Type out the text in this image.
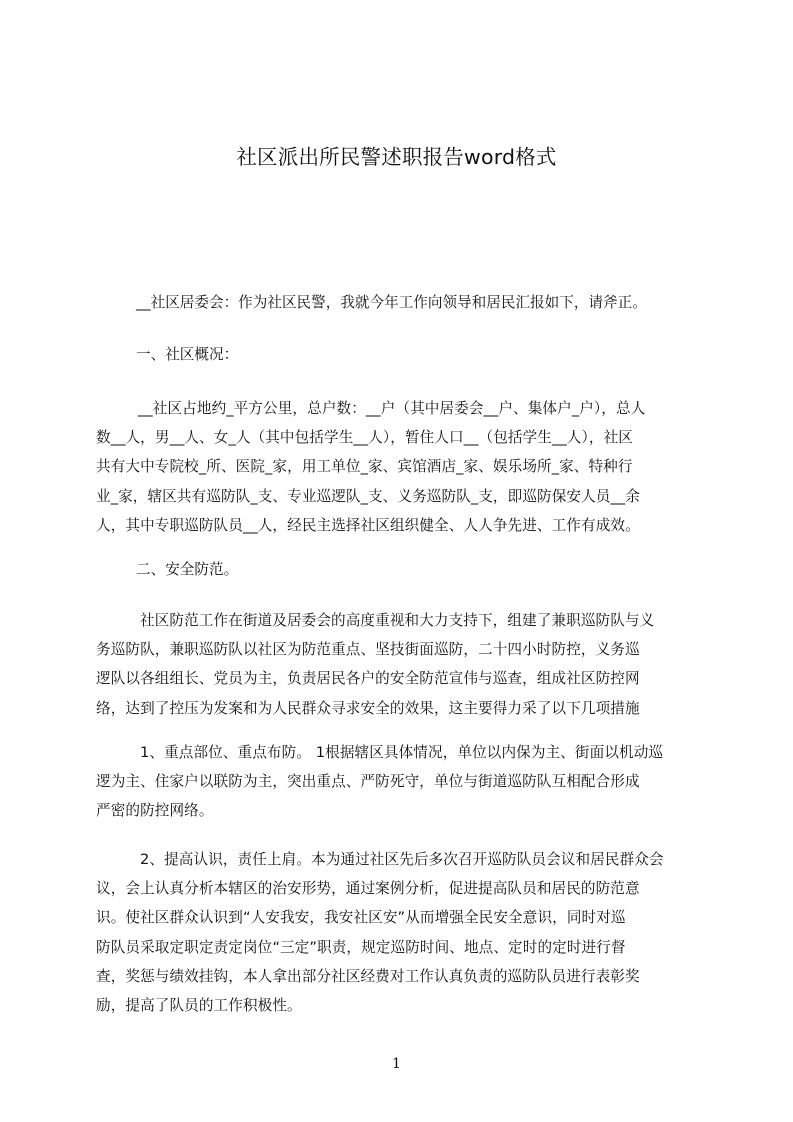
社区派出所民警述职报告word格式

__社区居委会：作为社区民警，我就今年工作向领导和居民汇报如下，请斧正。

一、社区概况：

__社区占地约_平方公里，总户数：__户（其中居委会__户、集体户_户），总人
数__人，男__人、女_人（其中包括学生__人），暂住人口__（包括学生__人），社区
共有大中专院校_所、医院_家，用工单位_家、宾馆酒店_家、娱乐场所_家、特种行
业_家，辖区共有巡防队_支、专业巡逻队_支、义务巡防队_支，即巡防保安人员__余
人，其中专职巡防队员__人，经民主选择社区组织健全、人人争先进、工作有成效。

二、安全防范。

社区防范工作在街道及居委会的高度重视和大力支持下，组建了兼职巡防队与义
务巡防队，兼职巡防队以社区为防范重点、坚技街面巡防，二十四小时防控，义务巡
逻队以各组组长、党员为主，负责居民各户的安全防范宣伟与巡查，组成社区防控网
络，达到了控压为发案和为人民群众寻求安全的效果，这主要得力采了以下几项措施
1、重点部位、重点布防。 1根据辖区具体情况，单位以内保为主、街面以机动巡
逻为主、住家户以联防为主，突出重点、严防死守，单位与街道巡防队互相配合形成
严密的防控网络。
2、提高认识，责任上肩。本为通过社区先后多次召开巡防队员会议和居民群众会
议，会上认真分析本辖区的治安形势，通过案例分析，促进提高队员和居民的防范意
识。使社区群众认识到“人安我安，我安社区安”从而增强全民安全意识，同时对巡
防队员采取定职定责定岗位“三定”职责，规定巡防时间、地点、定时的定时进行督
查，奖惩与绩效挂钩，本人拿出部分社区经费对工作认真负责的巡防队员进行表彰奖
励，提高了队员的工作积极性。
1
